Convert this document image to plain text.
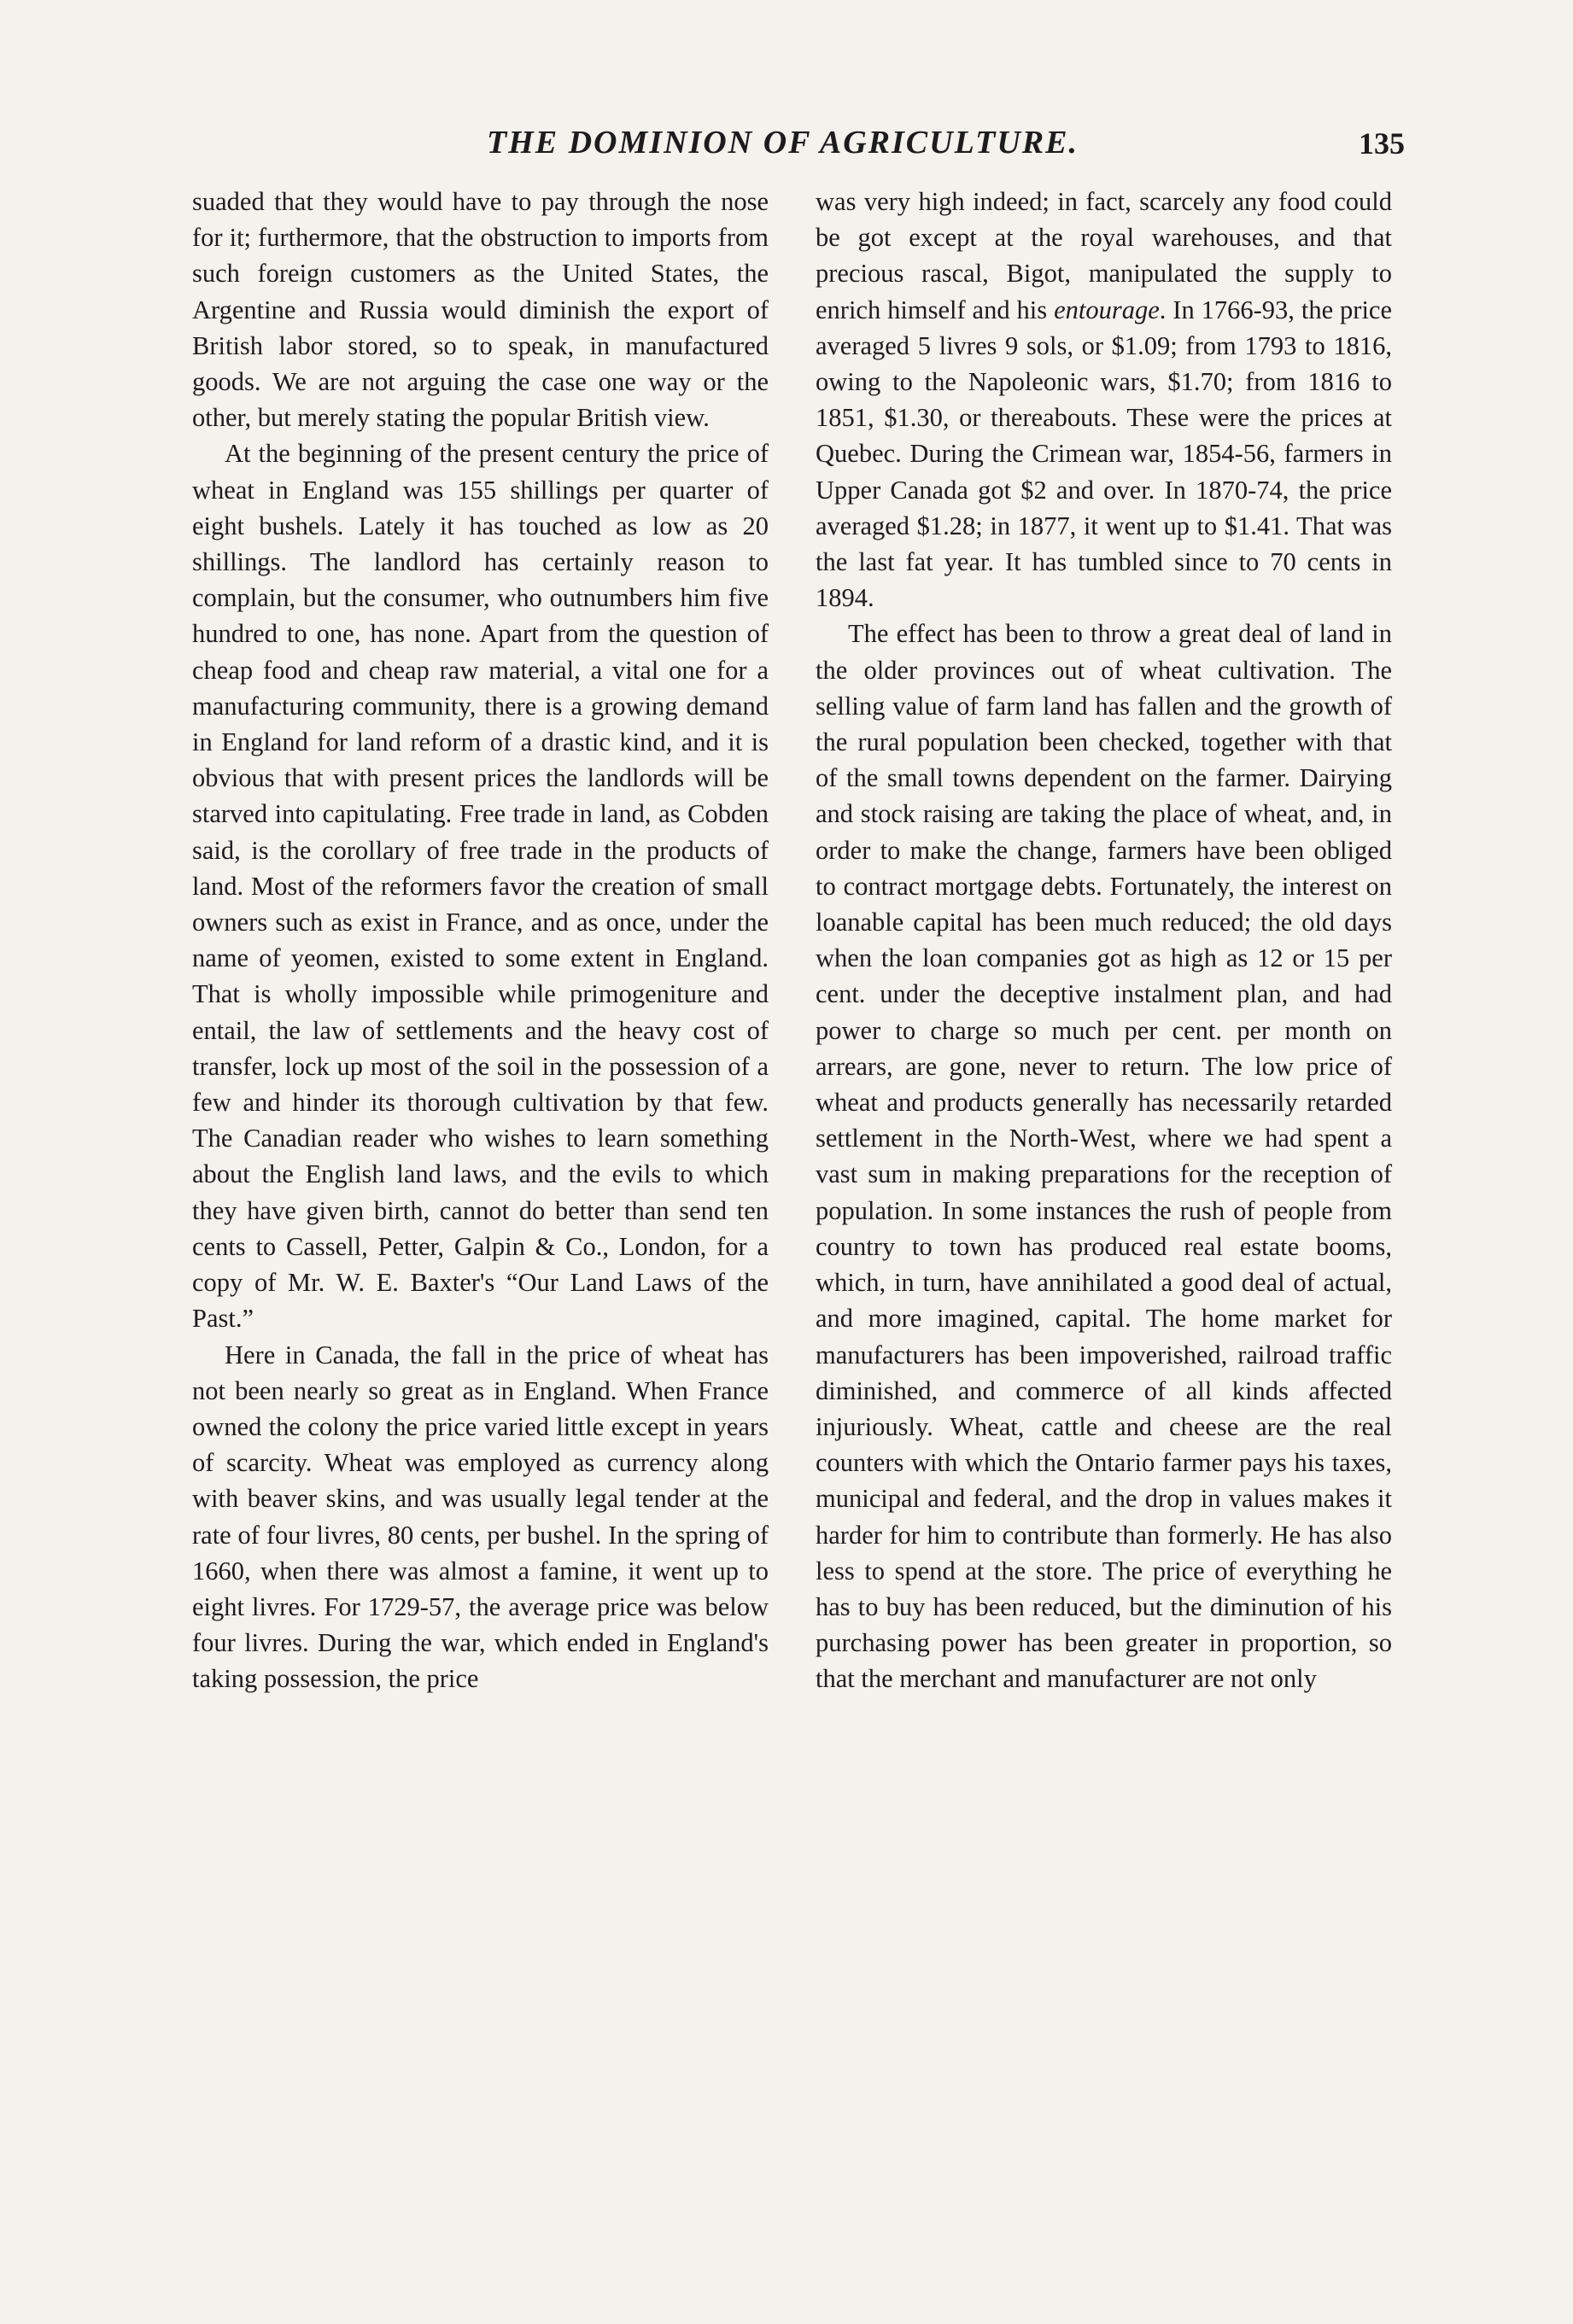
THE DOMINION OF AGRICULTURE.	135

suaded that they would have to pay through the nose for it; furthermore, that the obstruction to imports from such foreign customers as the United States, the Argentine and Russia would diminish the export of British labor stored, so to speak, in manufactured goods. We are not arguing the case one way or the other, but merely stating the popular British view.

At the beginning of the present century the price of wheat in England was 155 shillings per quarter of eight bushels. Lately it has touched as low as 20 shillings. The landlord has certainly reason to complain, but the consumer, who outnumbers him five hundred to one, has none. Apart from the question of cheap food and cheap raw material, a vital one for a manufacturing community, there is a growing demand in England for land reform of a drastic kind, and it is obvious that with present prices the landlords will be starved into capitulating. Free trade in land, as Cobden said, is the corollary of free trade in the products of land. Most of the reformers favor the creation of small owners such as exist in France, and as once, under the name of yeomen, existed to some extent in England. That is wholly impossible while primogeniture and entail, the law of settlements and the heavy cost of transfer, lock up most of the soil in the possession of a few and hinder its thorough cultivation by that few. The Canadian reader who wishes to learn something about the English land laws, and the evils to which they have given birth, cannot do better than send ten cents to Cassell, Petter, Galpin & Co., London, for a copy of Mr. W. E. Baxter's “Our Land Laws of the Past.”

Here in Canada, the fall in the price of wheat has not been nearly so great as in England. When France owned the colony the price varied little except in years of scarcity. Wheat was employed as currency along with beaver skins, and was usually legal tender at the rate of four livres, 80 cents, per bushel. In the spring of 1660, when there was almost a famine, it went up to eight livres. For 1729-57, the average price was below four livres. During the war, which ended in England's taking possession, the price

was very high indeed; in fact, scarcely any food could be got except at the royal warehouses, and that precious rascal, Bigot, manipulated the supply to enrich himself and his entourage. In 1766-93, the price averaged 5 livres 9 sols, or $1.09; from 1793 to 1816, owing to the Napoleonic wars, $1.70; from 1816 to 1851, $1.30, or thereabouts. These were the prices at Quebec. During the Crimean war, 1854-56, farmers in Upper Canada got $2 and over. In 1870-74, the price averaged $1.28; in 1877, it went up to $1.41. That was the last fat year. It has tumbled since to 70 cents in 1894.

The effect has been to throw a great deal of land in the older provinces out of wheat cultivation. The selling value of farm land has fallen and the growth of the rural population been checked, together with that of the small towns dependent on the farmer. Dairying and stock raising are taking the place of wheat, and, in order to make the change, farmers have been obliged to contract mortgage debts. Fortunately, the interest on loanable capital has been much reduced; the old days when the loan companies got as high as 12 or 15 per cent. under the deceptive instalment plan, and had power to charge so much per cent. per month on arrears, are gone, never to return. The low price of wheat and products generally has necessarily retarded settlement in the North-West, where we had spent a vast sum in making preparations for the reception of population. In some instances the rush of people from country to town has produced real estate booms, which, in turn, have annihilated a good deal of actual, and more imagined, capital. The home market for manufacturers has been impoverished, railroad traffic diminished, and commerce of all kinds affected injuriously. Wheat, cattle and cheese are the real counters with which the Ontario farmer pays his taxes, municipal and federal, and the drop in values makes it harder for him to contribute than formerly. He has also less to spend at the store. The price of everything he has to buy has been reduced, but the diminution of his purchasing power has been greater in proportion, so that the merchant and manufacturer are not only
